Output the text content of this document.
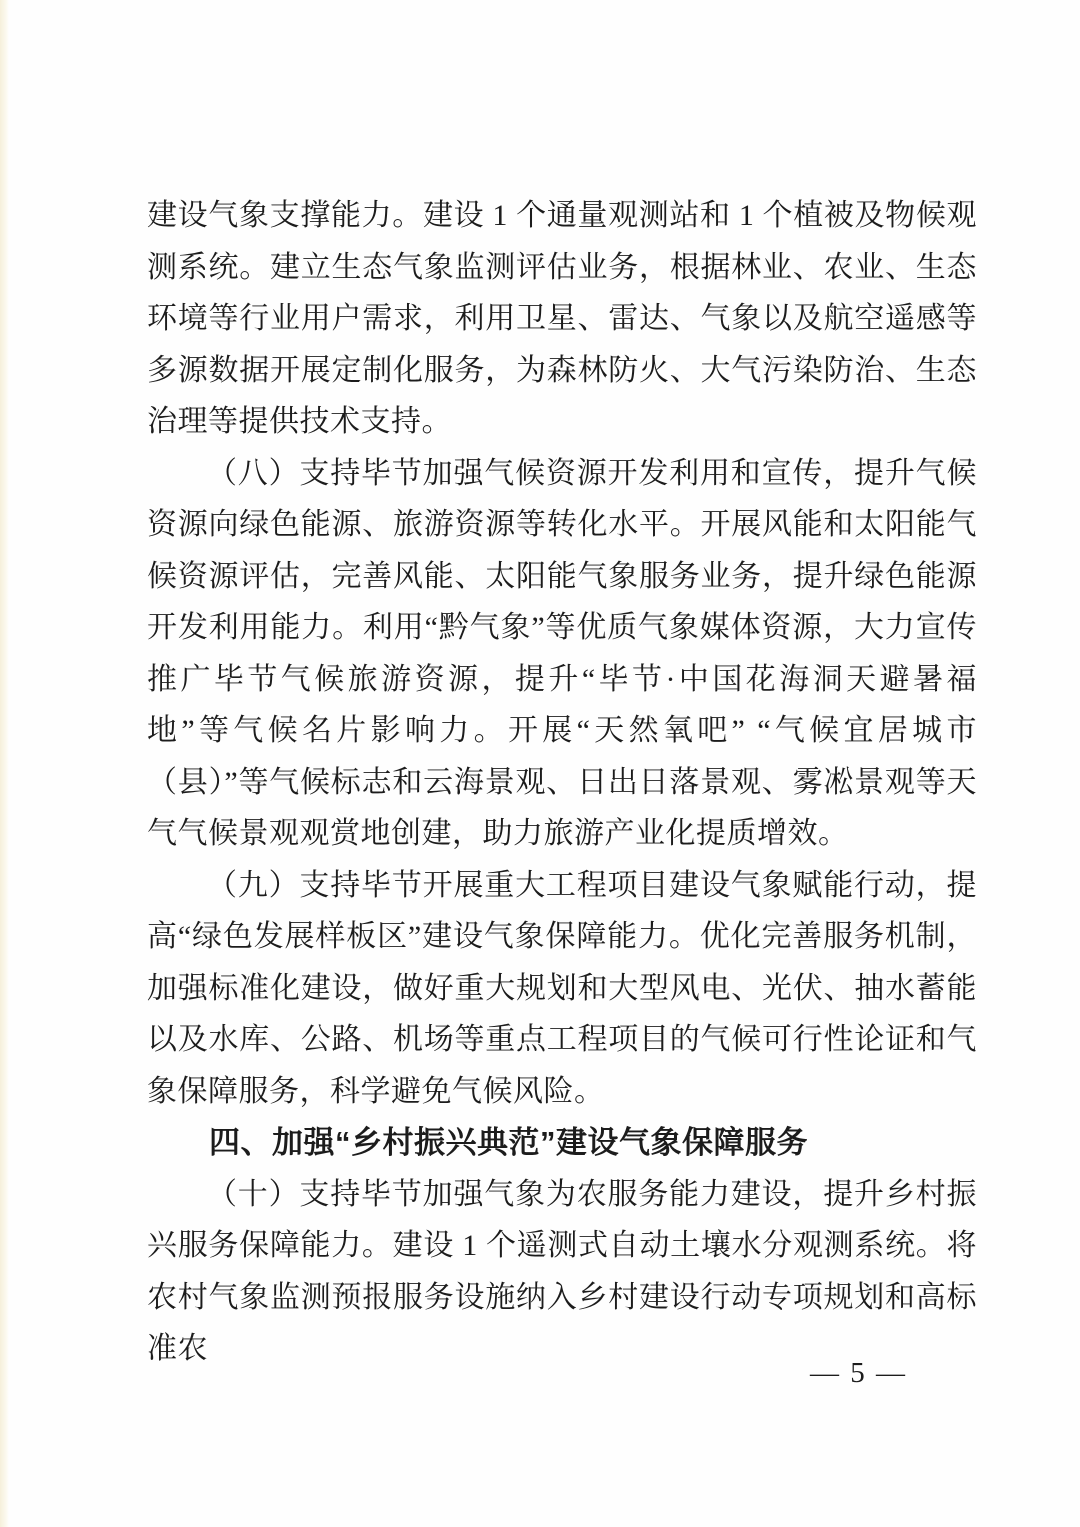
建设气象支撑能力。建设 1 个通量观测站和 1 个植被及物候观测系统。建立生态气象监测评估业务，根据林业、农业、生态环境等行业用户需求，利用卫星、雷达、气象以及航空遥感等多源数据开展定制化服务，为森林防火、大气污染防治、生态治理等提供技术支持。

（八）支持毕节加强气候资源开发利用和宣传，提升气候资源向绿色能源、旅游资源等转化水平。开展风能和太阳能气候资源评估，完善风能、太阳能气象服务业务，提升绿色能源开发利用能力。利用“黔气象”等优质气象媒体资源，大力宣传推广毕节气候旅游资源，提升“毕节·中国花海洞天避暑福地”等气候名片影响力。开展“天然氧吧” “气候宜居城市（县）”等气候标志和云海景观、日出日落景观、雾凇景观等天气气候景观观赏地创建，助力旅游产业化提质增效。

（九）支持毕节开展重大工程项目建设气象赋能行动，提高“绿色发展样板区”建设气象保障能力。优化完善服务机制，加强标准化建设，做好重大规划和大型风电、光伏、抽水蓄能以及水库、公路、机场等重点工程项目的气候可行性论证和气象保障服务，科学避免气候风险。

四、加强“乡村振兴典范”建设气象保障服务

（十）支持毕节加强气象为农服务能力建设，提升乡村振兴服务保障能力。建设 1 个遥测式自动土壤水分观测系统。将农村气象监测预报服务设施纳入乡村建设行动专项规划和高标准农

— 5 —
